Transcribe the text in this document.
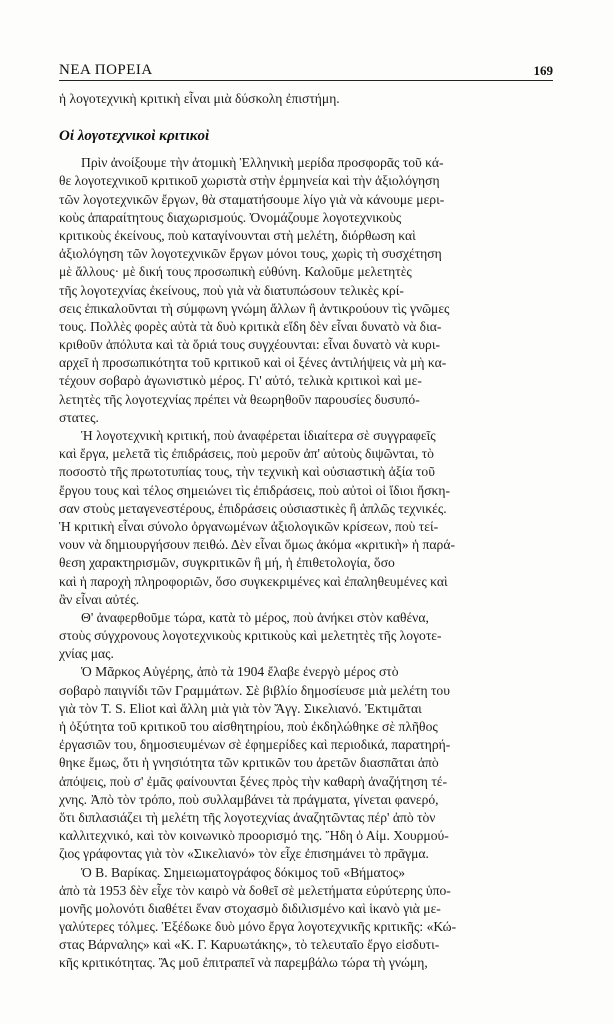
ΝΕΑ ΠΟΡΕΙΑ	169
ἡ λογοτεχνικὴ κριτικὴ εἶναι μιὰ δύσκολη ἐπιστήμη.
Οἱ λογοτεχνικοὶ κριτικοὶ
Πρὶν ἀνοίξουμε τὴν ἀτομικὴ Ἑλληνικὴ μερίδα προσφορᾶς τοῦ κά-
θε λογοτεχνικοῦ κριτικοῦ χωριστὰ στὴν ἑρμηνεία καὶ τὴν ἀξιολόγηση
τῶν λογοτεχνικῶν ἔργων, θὰ σταματήσουμε λίγο γιὰ νὰ κάνουμε μερι-
κοὺς ἀπαραίτητους διαχωρισμούς. Ὀνομάζουμε λογοτεχνικοὺς
κριτικοὺς ἐκείνους, ποὺ καταγίνουνται στὴ μελέτη, διόρθωση καὶ
ἀξιολόγηση τῶν λογοτεχνικῶν ἔργων μόνοι τους, χωρὶς τὴ συσχέτηση
μὲ ἄλλους· μὲ δική τους προσωπικὴ εὐθύνη. Καλοῦμε μελετητὲς
τῆς λογοτεχνίας ἐκείνους, ποὺ γιὰ νὰ διατυπώσουν τελικὲς κρί-
σεις ἐπικαλοῦνται τὴ σύμφωνη γνώμη ἄλλων ἢ ἀντικρούουν τὶς γνῶμες
τους. Πολλὲς φορὲς αὐτὰ τὰ δυὸ κριτικὰ εἴδη δὲν εἶναι δυνατὸ νὰ δια-
κριθοῦν ἀπόλυτα καὶ τὰ ὅριά τους συγχέουνται: εἶναι δυνατὸ νὰ κυρι-
αρχεῖ ἡ προσωπικότητα τοῦ κριτικοῦ καὶ οἱ ξένες ἀντιλήψεις νὰ μὴ κα-
τέχουν σοβαρὸ ἀγωνιστικὸ μέρος. Γι' αὐτό, τελικὰ κριτικοὶ καὶ με-
λετητὲς τῆς λογοτεχνίας πρέπει νὰ θεωρηθοῦν παρουσίες δυσυπό-
στατες.
Ἡ λογοτεχνικὴ κριτική, ποὺ ἀναφέρεται ἰδιαίτερα σὲ συγγραφεῖς
καὶ ἔργα, μελετᾶ τὶς ἐπιδράσεις, ποὺ μεροῦν ἀπ' αὐτοὺς διψῶνται, τὸ
ποσοστὸ τῆς πρωτοτυπίας τους, τὴν τεχνικὴ καὶ οὐσιαστικὴ ἀξία τοῦ
ἔργου τους καὶ τέλος σημειώνει τὶς ἐπιδράσεις, ποὺ αὐτοὶ οἱ ἴδιοι ἤσκη-
σαν στοὺς μεταγενεστέρους, ἐπιδράσεις οὐσιαστικὲς ἢ ἁπλῶς τεχνικές.
Ἡ κριτικὴ εἶναι σύνολο ὀργανωμένων ἀξιολογικῶν κρίσεων, ποὺ τεί-
νουν νὰ δημιουργήσουν πειθώ. Δὲν εἶναι ὅμως ἀκόμα «κριτικὴ» ἡ παρά-
θεση χαρακτηρισμῶν, συγκριτικῶν ἢ μή, ἡ ἐπιθετολογία, ὅσο
καὶ ἡ παροχὴ πληροφοριῶν, ὅσο συγκεκριμένες καὶ ἐπαληθευμένες καὶ
ἂν εἶναι αὐτές.
Θ' ἀναφερθοῦμε τώρα, κατὰ τὸ μέρος, ποὺ ἀνήκει στὸν καθένα,
στοὺς σύγχρονους λογοτεχνικοὺς κριτικοὺς καὶ μελετητὲς τῆς λογοτε-
χνίας μας.
Ὁ Μᾶρκος Αὐγέρης, ἀπὸ τὰ 1904 ἔλαβε ἐνεργὸ μέρος στὸ
σοβαρὸ παιγνίδι τῶν Γραμμάτων. Σὲ βιβλίο δημοσίευσε μιὰ μελέτη του
γιὰ τὸν T. S. Eliot καὶ ἄλλη μιὰ γιὰ τὸν Ἄγγ. Σικελιανό. Ἐκτιμᾶται
ἡ ὀξύτητα τοῦ κριτικοῦ του αἰσθητηρίου, ποὺ ἐκδηλώθηκε σὲ πλῆθος
ἐργασιῶν του, δημοσιευμένων σὲ ἐφημερίδες καὶ περιοδικά, παρατηρή-
θηκε ἔμως, ὅτι ἡ γνησιότητα τῶν κριτικῶν του ἀρετῶν διασπᾶται ἀπὸ
ἀπόψεις, ποὺ σ' ἐμᾶς φαίνουνται ξένες πρὸς τὴν καθαρὴ ἀναζήτηση τέ-
χνης. Ἀπὸ τὸν τρόπο, ποὺ συλλαμβάνει τὰ πράγματα, γίνεται φανερό,
ὅτι διπλασιάζει τὴ μελέτη τῆς λογοτεχνίας ἀναζητῶντας πέρ' ἀπὸ τὸν
καλλιτεχνικό, καὶ τὸν κοινωνικὸ προορισμό της. Ἤδη ὁ Αἰμ. Χουρμού-
ζιος γράφοντας γιὰ τὸν «Σικελιανό» τὸν εἶχε ἐπισημάνει τὸ πρᾶγμα.
Ὁ Β. Βαρίκας. Σημειωματογράφος δόκιμος τοῦ «Βήματος»
ἀπὸ τὰ 1953 δὲν εἶχε τὸν καιρὸ νὰ δοθεῖ σὲ μελετήματα εὐρύτερης ὑπο-
μονῆς μολονότι διαθέτει ἕναν στοχασμὸ διδιλισμένο καὶ ἱκανὸ γιὰ με-
γαλύτερες τόλμες. Ἐξέδωκε δυὸ μόνο ἔργα λογοτεχνικῆς κριτικῆς: «Κώ-
στας Βάρναλης» καὶ «Κ. Γ. Καρυωτάκης», τὸ τελευταῖο ἔργο εἰσδυτι-
κῆς κριτικότητας. Ἂς μοῦ ἐπιτραπεῖ νὰ παρεμβάλω τώρα τὴ γνώμη,
